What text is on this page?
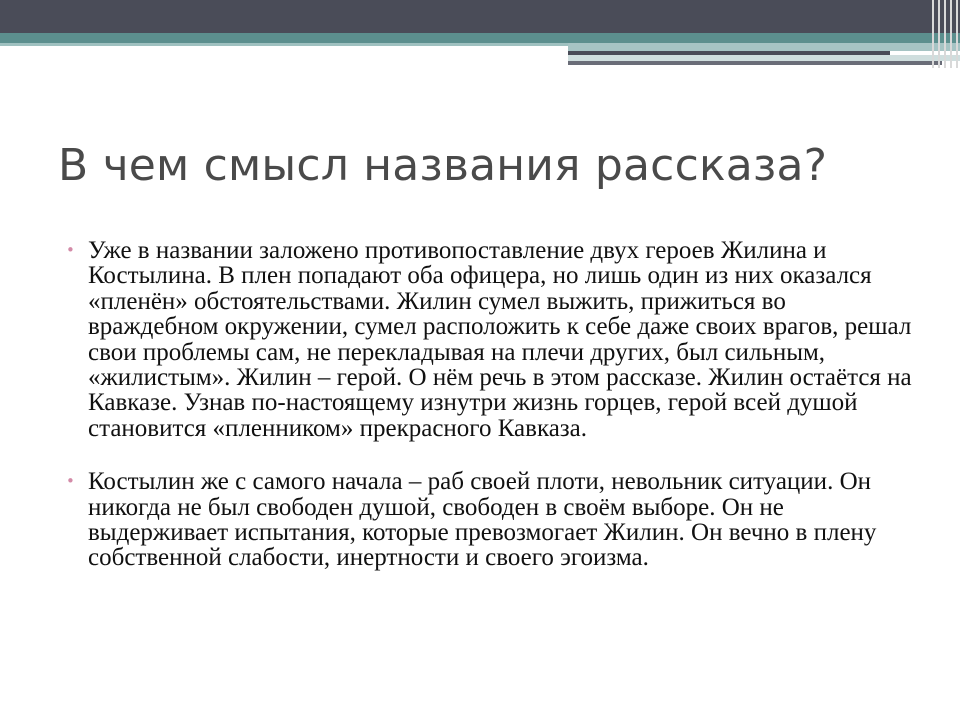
В чем смысл названия рассказа?
• Уже в названии заложено противопоставление двух героев Жилина и Костылина. В плен попадают оба офицера, но лишь один из них оказался «пленён» обстоятельствами. Жилин сумел выжить, прижиться во враждебном окружении, сумел расположить к себе даже своих врагов, решал свои проблемы сам, не перекладывая на плечи других, был сильным, «жилистым». Жилин – герой. О нём речь в этом рассказе. Жилин остаётся на Кавказе. Узнав по-настоящему изнутри жизнь горцев, герой всей душой становится «пленником» прекрасного Кавказа.
• Костылин же с самого начала – раб своей плоти, невольник ситуации. Он никогда не был свободен душой, свободен в своём выборе. Он не выдерживает испытания, которые превозмогает Жилин. Он вечно в плену собственной слабости, инертности и своего эгоизма.
